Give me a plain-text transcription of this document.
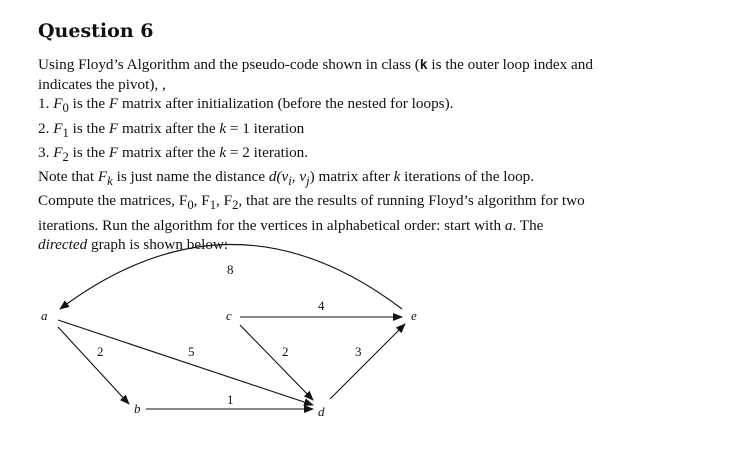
Question 6
Using Floyd’s Algorithm and the pseudo-code shown in class (k is the outer loop index and
indicates the pivot), ,
1. $F_0$ is the F matrix after initialization (before the nested for loops).
2. $F_1$ is the F matrix after the k = 1 iteration
3. $F_2$ is the F matrix after the k = 2 iteration.
Note that $F_k$ is just name the distance $d(v_i$, $v_j$) matrix after k iterations of the loop.
Compute the matrices, $F_0$, $F_1$, $F_2$, that are the results of running Floyd’s algorithm for two
iterations. Run the algorithm for the vertices in alphabetical order: start with a. The
directed graph is shown below:
a
b
c
d
e
8
2	5
4
2
1
3
